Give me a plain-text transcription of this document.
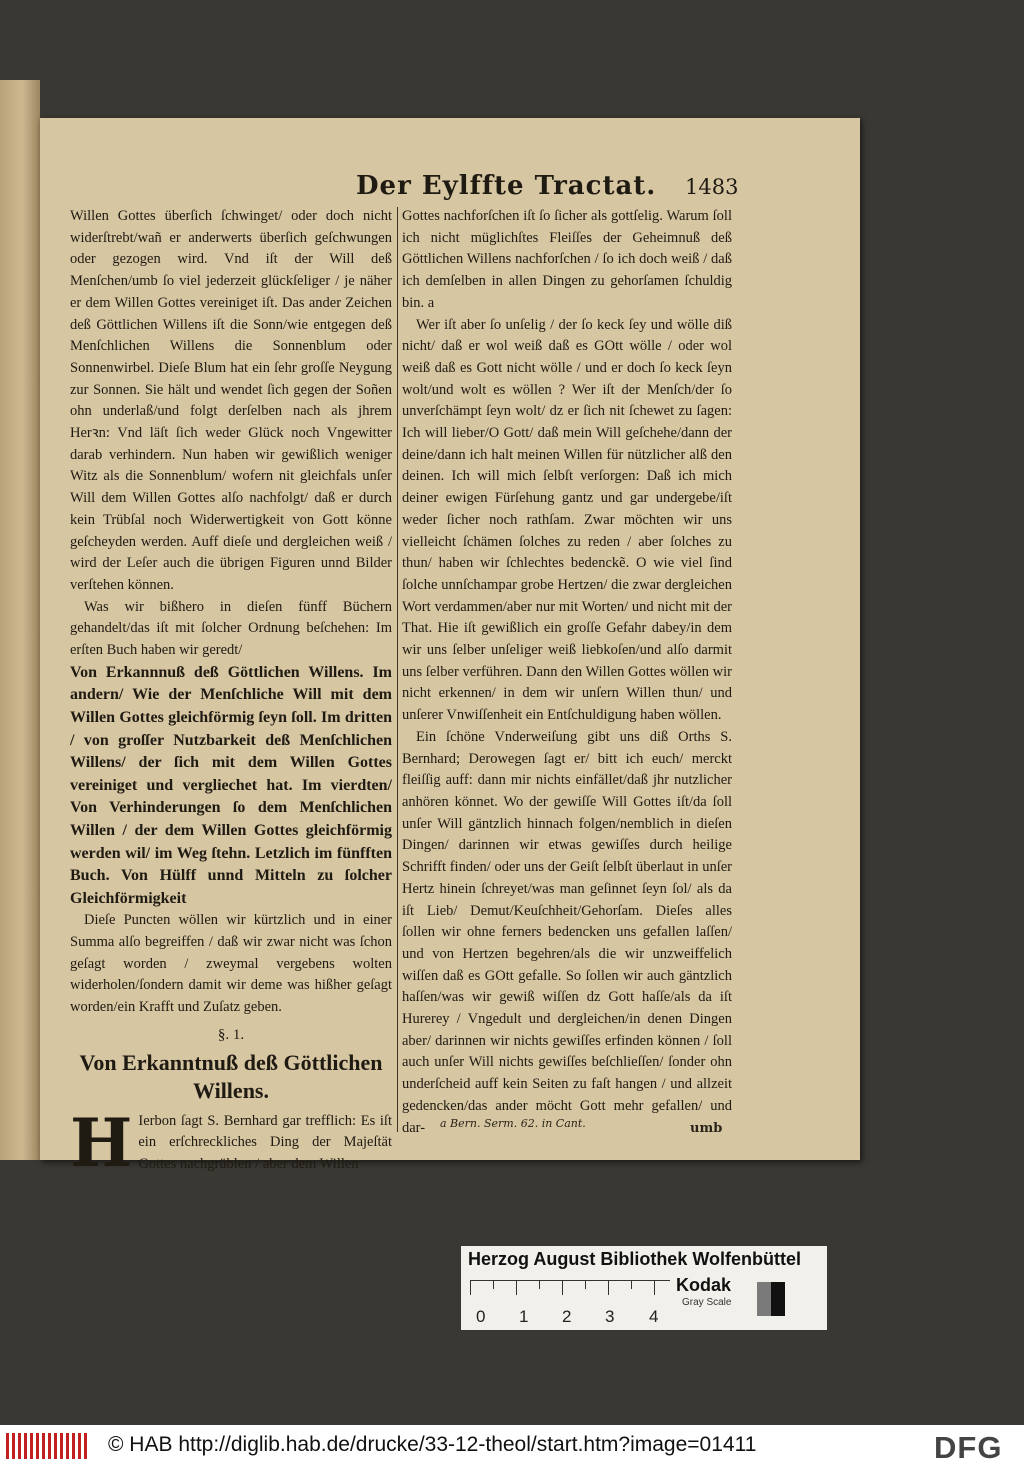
Der Eylffte Tractat. 1483

Willen Gottes überſich ſchwinget/ oder doch nicht widerſtrebt/wañ er anderwerts überſich geſchwungen oder gezogen wird. Vnd iſt der Will deß Menſchen/umb ſo viel jederzeit glückſeliger / je näher er dem Willen Gottes vereiniget iſt. Das ander Zeichen deß Göttlichen Willens iſt die Sonn/wie entgegen deß Menſchlichen Willens die Sonnenblum oder Sonnenwirbel. Dieſe Blum hat ein ſehr groſſe Neygung zur Sonnen. Sie hält und wendet ſich gegen der Soñen ohn underlaß/und folgt derſelben nach als jhrem Herꝛn: Vnd läſt ſich weder Glück noch Vngewitter darab verhindern. Nun haben wir gewißlich weniger Witz als die Sonnenblum/ wofern nit gleichfals unſer Will dem Willen Gottes alſo nachfolgt/ daß er durch kein Trübſal noch Widerwertigkeit von Gott könne geſcheyden werden. Auff dieſe und dergleichen weiß / wird der Leſer auch die übrigen Figuren unnd Bilder verſtehen können.

Was wir bißhero in dieſen fünff Büchern gehandelt/das iſt mit ſolcher Ordnung beſchehen: Im erſten Buch haben wir geredt/

Von Erkannnuß deß Göttlichen Willens. Im andern/ Wie der Menſchliche Will mit dem Willen Gottes gleichförmig ſeyn ſoll. Im dritten / von groſſer Nutzbarkeit deß Menſchlichen Willens/ der ſich mit dem Willen Gottes vereiniget und vergliechet hat. Im vierdten/ Von Verhinderungen ſo dem Menſchlichen Willen / der dem Willen Gottes gleichförmig werden wil/ im Weg ſtehn. Letzlich im fünfften Buch. Von Hülff unnd Mitteln zu ſolcher Gleichförmigkeit

Dieſe Puncten wöllen wir kürtzlich und in einer Summa alſo begreiffen / daß wir zwar nicht was ſchon geſagt worden / zweymal vergebens wolten widerholen/ſondern damit wir deme was hißher geſagt worden/ein Krafft und Zuſatz geben.

§. 1.
Von Erkanntnuß deß Göttlichen Willens.

H Ierbon ſagt S. Bernhard gar trefflich: Es iſt ein erſchreckliches Ding der Majeſtät Gottes nachgrüblen / aber dem Willen

Gottes nachforſchen iſt ſo ſicher als gottſelig. Warum ſoll ich nicht müglichſtes Fleiſſes der Geheimnuß deß Göttlichen Willens nachforſchen / ſo ich doch weiß / daß ich demſelben in allen Dingen zu gehorſamen ſchuldig bin. a

Wer iſt aber ſo unſelig / der ſo keck ſey und wölle diß nicht/ daß er wol weiß daß es GOtt wölle / oder wol weiß daß es Gott nicht wölle / und er doch ſo keck ſeyn wolt/und wolt es wöllen ? Wer iſt der Menſch/der ſo unverſchämpt ſeyn wolt/ dz er ſich nit ſchewet zu ſagen: Ich will lieber/O Gott/ daß mein Will geſchehe/dann der deine/dann ich halt meinen Willen für nützlicher alß den deinen. Ich will mich ſelbſt verſorgen: Daß ich mich deiner ewigen Fürſehung gantz und gar undergebe/iſt weder ſicher noch rathſam. Zwar möchten wir uns vielleicht ſchämen ſolches zu reden / aber ſolches zu thun/ haben wir ſchlechtes bedenckẽ. O wie viel ſind ſolche unnſchampar grobe Hertzen/ die zwar dergleichen Wort verdammen/aber nur mit Worten/ und nicht mit der That. Hie iſt gewißlich ein groſſe Gefahr dabey/in dem wir uns ſelber unſeliger weiß liebkoſen/und alſo darmit uns ſelber verführen. Dann den Willen Gottes wöllen wir nicht erkennen/ in dem wir unſern Willen thun/ und unſerer Vnwiſſenheit ein Entſchuldigung haben wöllen.

Ein ſchöne Vnderweiſung gibt uns diß Orths S. Bernhard; Derowegen ſagt er/ bitt ich euch/ merckt fleiſſig auff: dann mir nichts einfället/daß jhr nutzlicher anhören könnet. Wo der gewiſſe Will Gottes iſt/da ſoll unſer Will gäntzlich hinnach folgen/nemblich in dieſen Dingen/ darinnen wir etwas gewiſſes durch heilige Schrifft finden/ oder uns der Geiſt ſelbſt überlaut in unſer Hertz hinein ſchreyet/was man geſinnet ſeyn ſol/ als da iſt Lieb/ Demut/Keuſchheit/Gehorſam. Dieſes alles ſollen wir ohne ferners bedencken uns gefallen laſſen/ und von Hertzen begehren/als die wir unzweiffelich wiſſen daß es GOtt gefalle. So ſollen wir auch gäntzlich haſſen/was wir gewiß wiſſen dz Gott haſſe/als da iſt Hurerey / Vngedult und dergleichen/in denen Dingen aber/ darinnen wir nichts gewiſſes erfinden können / ſoll auch unſer Will nichts gewiſſes beſchlieſſen/ ſonder ohn underſcheid auff kein Seiten zu faſt hangen / und allzeit gedencken/das ander möcht Gott mehr gefallen/ und dar-	a Bern. Serm. 62. in Cant.	umb
Herzog August Bibliothek Wolfenbüttel
0 1 2 3 4
Kodak
Gray Scale
© HAB http://diglib.hab.de/drucke/33-12-theol/start.htm?image=01411	DFG
